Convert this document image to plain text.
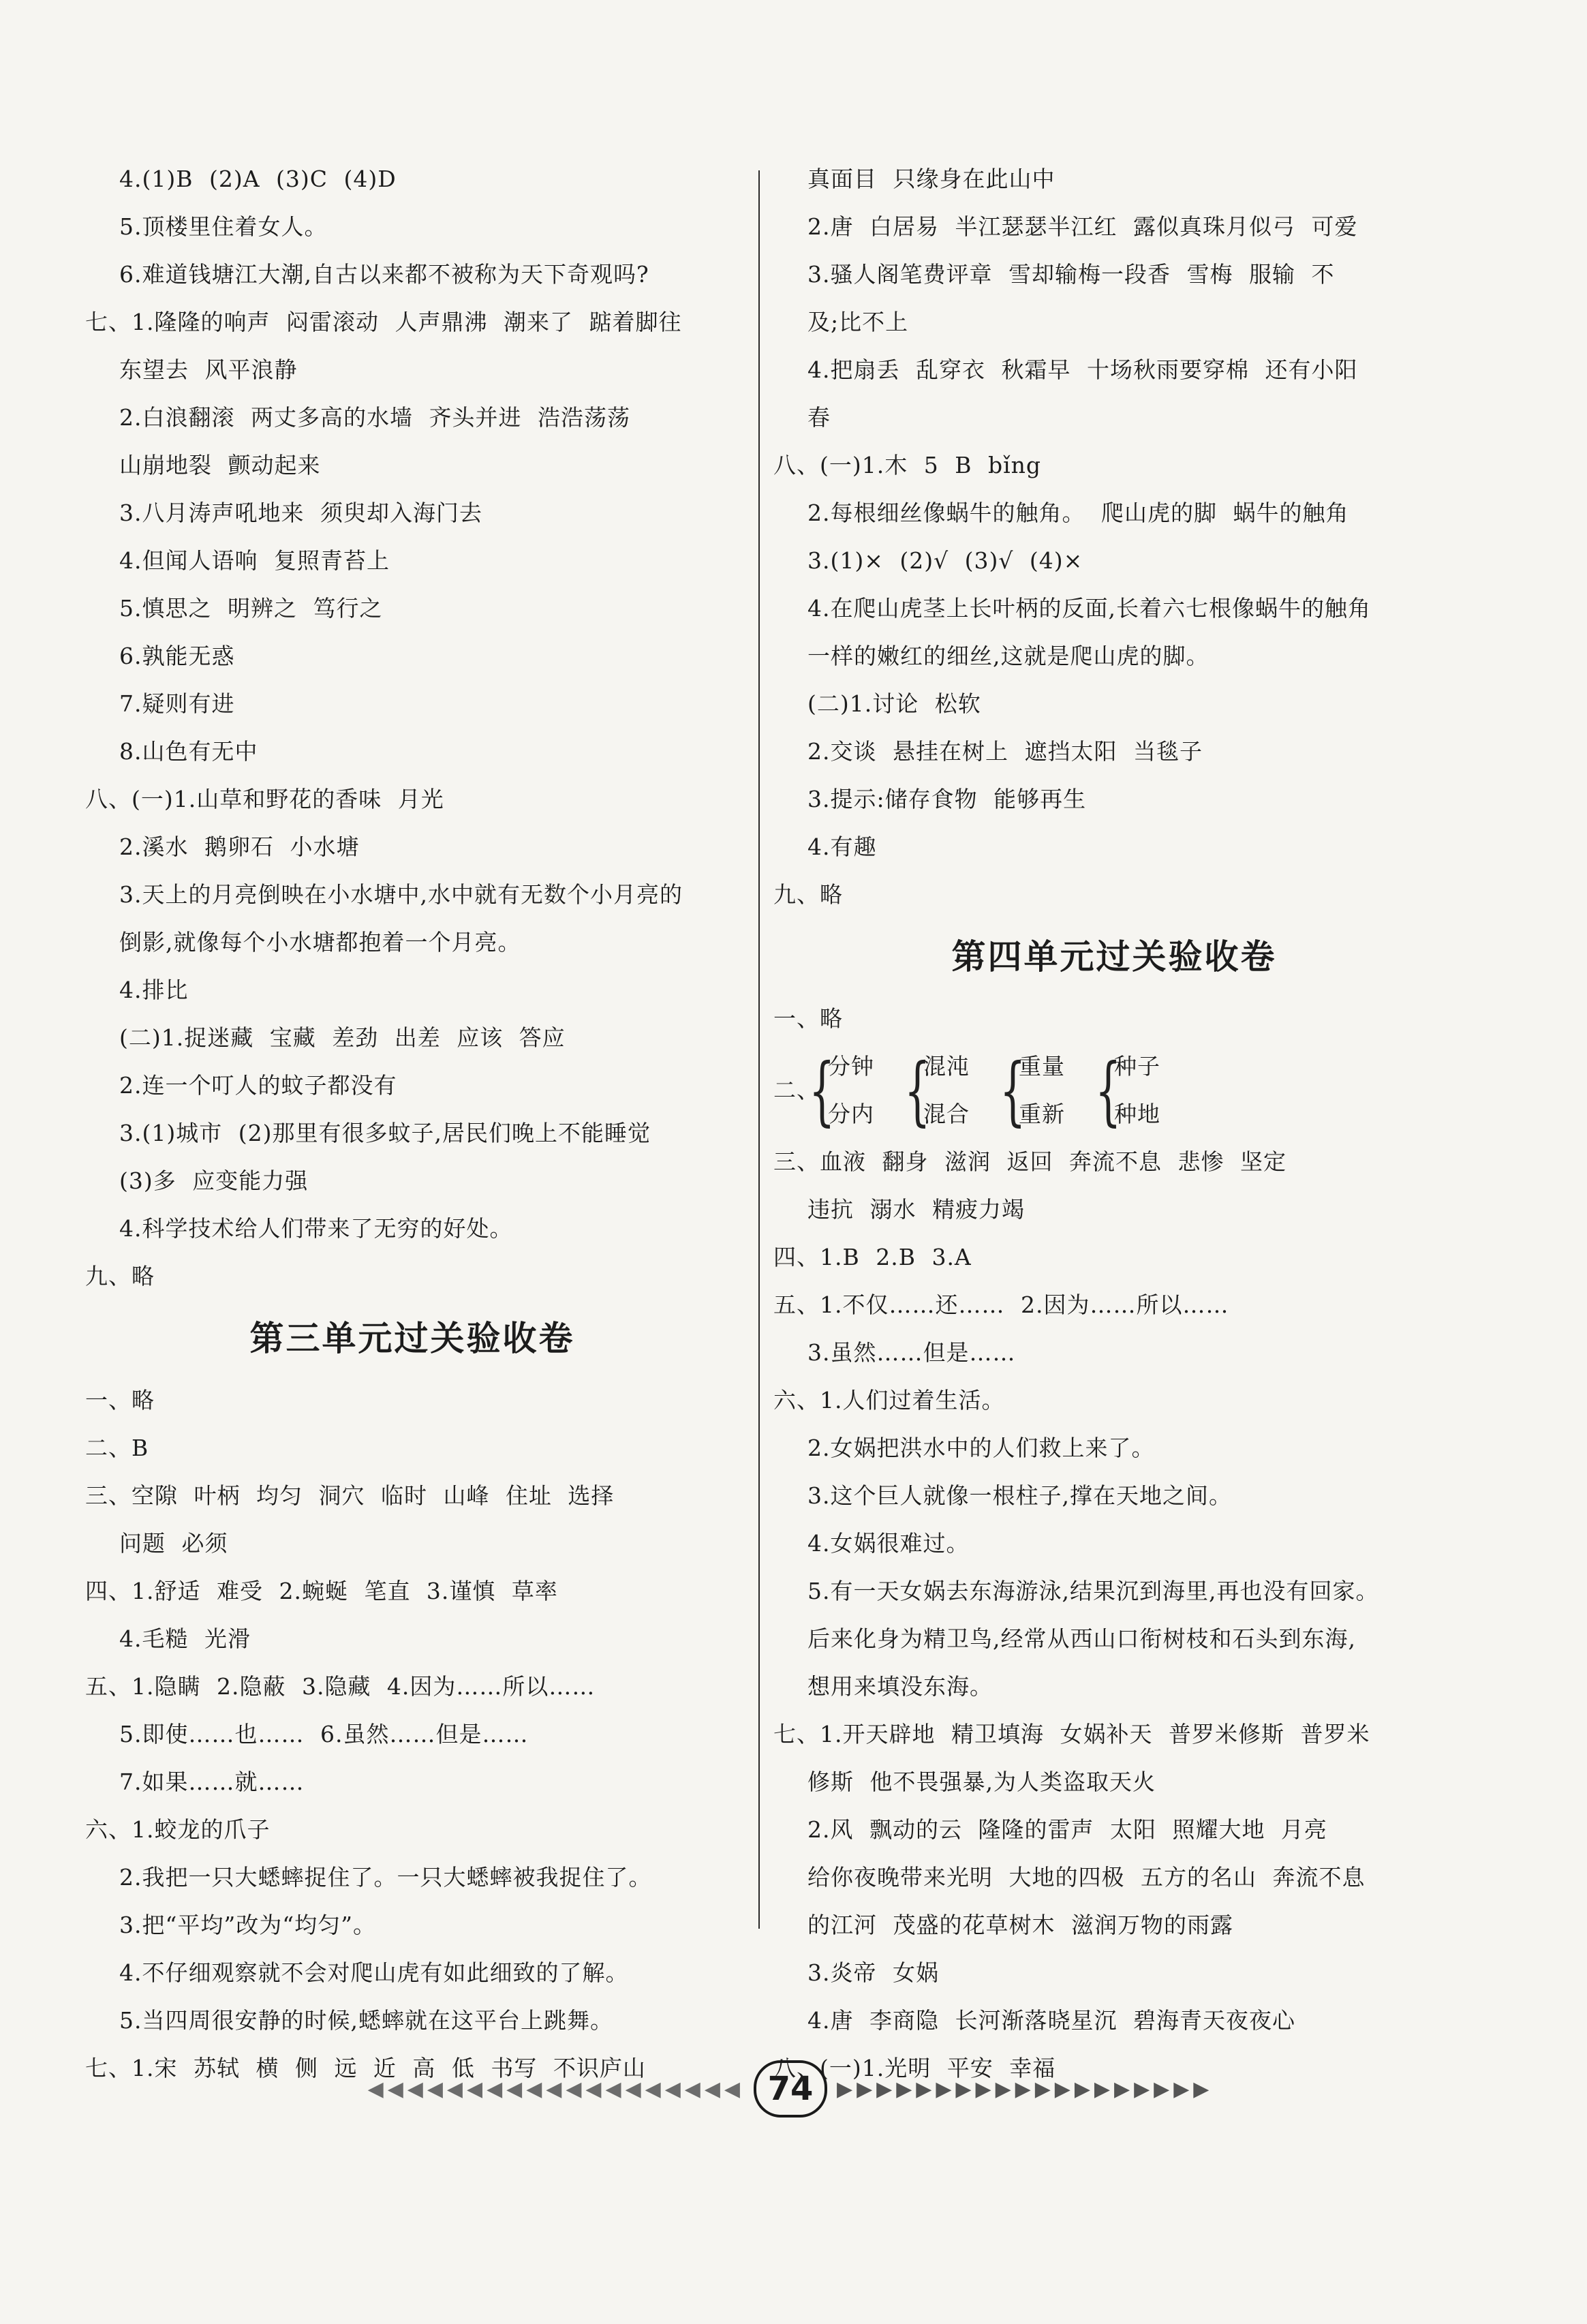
4.(1)B (2)A (3)C (4)D
5.顶楼里住着女人。
6.难道钱塘江大潮,自古以来都不被称为天下奇观吗?
七、1.隆隆的响声 闷雷滚动 人声鼎沸 潮来了 踮着脚往
东望去 风平浪静
2.白浪翻滚 两丈多高的水墙 齐头并进 浩浩荡荡
山崩地裂 颤动起来
3.八月涛声吼地来 须臾却入海门去
4.但闻人语响 复照青苔上
5.慎思之 明辨之 笃行之
6.孰能无惑
7.疑则有进
8.山色有无中
八、(一)1.山草和野花的香味 月光
2.溪水 鹅卵石 小水塘
3.天上的月亮倒映在小水塘中,水中就有无数个小月亮的
倒影,就像每个小水塘都抱着一个月亮。
4.排比
(二)1.捉迷藏 宝藏 差劲 出差 应该 答应
2.连一个叮人的蚊子都没有
3.(1)城市 (2)那里有很多蚊子,居民们晚上不能睡觉
(3)多 应变能力强
4.科学技术给人们带来了无穷的好处。
九、略
第三单元过关验收卷
一、略
二、B
三、空隙 叶柄 均匀 洞穴 临时 山峰 住址 选择
问题 必须
四、1.舒适 难受 2.蜿蜒 笔直 3.谨慎 草率
4.毛糙 光滑
五、1.隐瞒 2.隐蔽 3.隐藏 4.因为……所以……
5.即使……也…… 6.虽然……但是……
7.如果……就……
六、1.蛟龙的爪子
2.我把一只大蟋蟀捉住了。一只大蟋蟀被我捉住了。
3.把“平均”改为“均匀”。
4.不仔细观察就不会对爬山虎有如此细致的了解。
5.当四周很安静的时候,蟋蟀就在这平台上跳舞。
七、1.宋 苏轼 横 侧 远 近 高 低 书写 不识庐山
真面目 只缘身在此山中
2.唐 白居易 半江瑟瑟半江红 露似真珠月似弓 可爱
3.骚人阁笔费评章 雪却输梅一段香 雪梅 服输 不
及;比不上
4.把扇丢 乱穿衣 秋霜早 十场秋雨要穿棉 还有小阳
春
八、(一)1.木 5 B bǐng
2.每根细丝像蜗牛的触角。 爬山虎的脚 蜗牛的触角
3.(1)× (2)√ (3)√ (4)×
4.在爬山虎茎上长叶柄的反面,长着六七根像蜗牛的触角
一样的嫩红的细丝,这就是爬山虎的脚。
(二)1.讨论 松软
2.交谈 悬挂在树上 遮挡太阳 当毯子
3.提示:储存食物 能够再生
4.有趣
九、略
第四单元过关验收卷
一、略
二、
{
分钟
分内 {
混沌
混合 {
重量
重新 {
种子
种地
三、血液 翻身 滋润 返回 奔流不息 悲惨 坚定
违抗 溺水 精疲力竭
四、1.B 2.B 3.A
五、1.不仅……还…… 2.因为……所以……
3.虽然……但是……
六、1.人们过着生活。
2.女娲把洪水中的人们救上来了。
3.这个巨人就像一根柱子,撑在天地之间。
4.女娲很难过。
5.有一天女娲去东海游泳,结果沉到海里,再也没有回家。
后来化身为精卫鸟,经常从西山口衔树枝和石头到东海,
想用来填没东海。
七、1.开天辟地 精卫填海 女娲补天 普罗米修斯 普罗米
修斯 他不畏强暴,为人类盗取天火
2.风 飘动的云 隆隆的雷声 太阳 照耀大地 月亮
给你夜晚带来光明 大地的四极 五方的名山 奔流不息
的江河 茂盛的花草树木 滋润万物的雨露
3.炎帝 女娲
4.唐 李商隐 长河渐落晓星沉 碧海青天夜夜心
八、(一)1.光明 平安 幸福
◀◀◀◀◀◀◀◀◀◀◀◀◀◀◀◀◀◀◀ 74	▶▶▶▶▶▶▶▶▶▶▶▶▶▶▶▶▶▶▶
